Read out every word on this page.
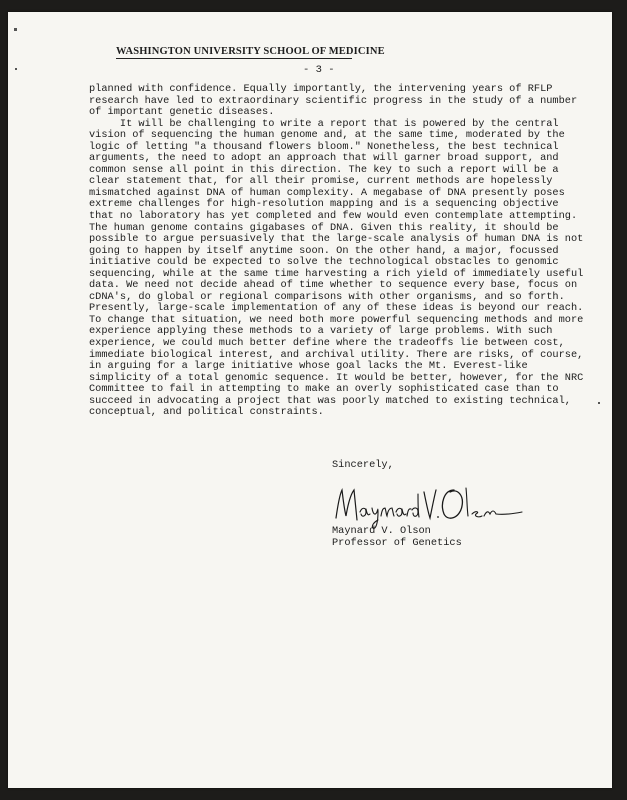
WASHINGTON UNIVERSITY SCHOOL OF MEDICINE
- 3 -
planned with confidence. Equally importantly, the intervening years of RFLP
research have led to extraordinary scientific progress in the study of a number
of important genetic diseases.
It will be challenging to write a report that is powered by the central
vision of sequencing the human genome and, at the same time, moderated by the
logic of letting "a thousand flowers bloom." Nonetheless, the best technical
arguments, the need to adopt an approach that will garner broad support, and
common sense all point in this direction. The key to such a report will be a
clear statement that, for all their promise, current methods are hopelessly
mismatched against DNA of human complexity. A megabase of DNA presently poses
extreme challenges for high-resolution mapping and is a sequencing objective
that no laboratory has yet completed and few would even contemplate attempting.
The human genome contains gigabases of DNA. Given this reality, it should be
possible to argue persuasively that the large-scale analysis of human DNA is not
going to happen by itself anytime soon. On the other hand, a major, focussed
initiative could be expected to solve the technological obstacles to genomic
sequencing, while at the same time harvesting a rich yield of immediately useful
data. We need not decide ahead of time whether to sequence every base, focus on
cDNA's, do global or regional comparisons with other organisms, and so forth.
Presently, large-scale implementation of any of these ideas is beyond our reach.
To change that situation, we need both more powerful sequencing methods and more
experience applying these methods to a variety of large problems. With such
experience, we could much better define where the tradeoffs lie between cost,
immediate biological interest, and archival utility. There are risks, of course,
in arguing for a large initiative whose goal lacks the Mt. Everest-like
simplicity of a total genomic sequence. It would be better, however, for the NRC
Committee to fail in attempting to make an overly sophisticated case than to
succeed in advocating a project that was poorly matched to existing technical,
conceptual, and political constraints.
Sincerely,
Maynard V. Olson
Professor of Genetics
